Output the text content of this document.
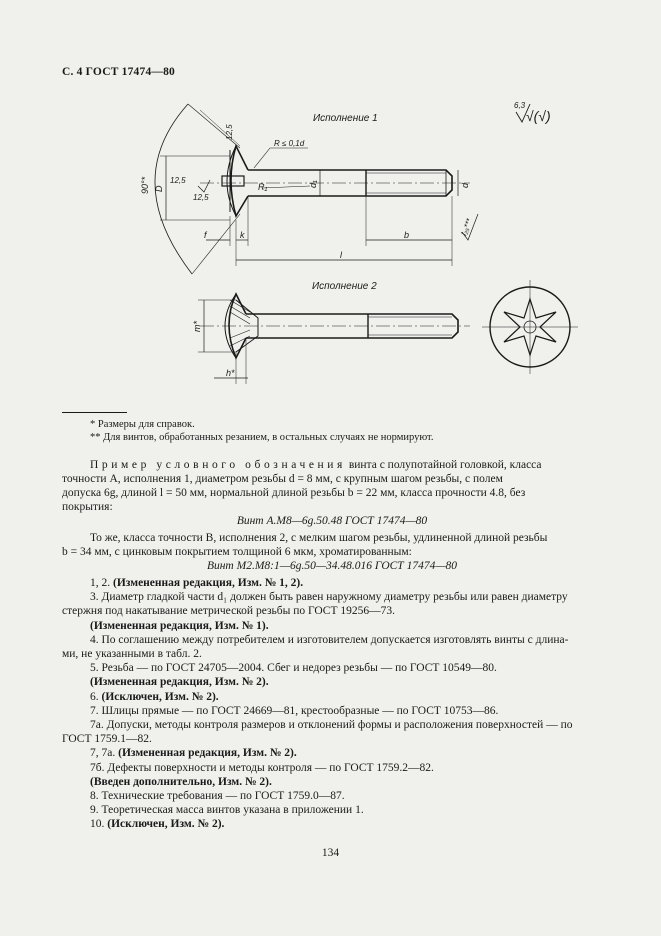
С. 4 ГОСТ 17474—80
Исполнение 1
Исполнение 2
6,3
√(√)
90°*
12,5
12,5
12,5
R ≤ 0,1d
R₁	d₁	d
D
f	k
l
b	l₂₅***
m*
h*
* Размеры для справок.
** Для винтов, обработанных резанием, в остальных случаях не нормируют.
Пример условного обозначения винта с полупотайной головкой, класса
точности А, исполнения 1, диаметром резьбы d = 8 мм, с крупным шагом резьбы, с полем
допуска 6g, длиной l = 50 мм, нормальной длиной резьбы b = 22 мм, класса прочности 4.8, без
покрытия:
Винт А.М8—6g.50.48 ГОСТ 17474—80
То же, класса точности В, исполнения 2, с мелким шагом резьбы, удлиненной длиной резьбы
b = 34 мм, с цинковым покрытием толщиной 6 мкм, хроматированным:
Винт М2.М8:1—6g.50—34.48.016 ГОСТ 17474—80
1, 2. (Измененная редакция, Изм. № 1, 2).
3. Диаметр гладкой части d₁ должен быть равен наружному диаметру резьбы или равен диаметру
стержня под накатывание метрической резьбы по ГОСТ 19256—73.
(Измененная редакция, Изм. № 1).
4. По соглашению между потребителем и изготовителем допускается изготовлять винты с длина-
ми, не указанными в табл. 2.
5. Резьба — по ГОСТ 24705—2004. Сбег и недорез резьбы — по ГОСТ 10549—80.
(Измененная редакция, Изм. № 2).
6. (Исключен, Изм. № 2).
7. Шлицы прямые — по ГОСТ 24669—81, крестообразные — по ГОСТ 10753—86.
7а. Допуски, методы контроля размеров и отклонений формы и расположения поверхностей — по
ГОСТ 1759.1—82.
7, 7а. (Измененная редакция, Изм. № 2).
7б. Дефекты поверхности и методы контроля — по ГОСТ 1759.2—82.
(Введен дополнительно, Изм. № 2).
8. Технические требования — по ГОСТ 1759.0—87.
9. Теоретическая масса винтов указана в приложении 1.
10. (Исключен, Изм. № 2).
134
